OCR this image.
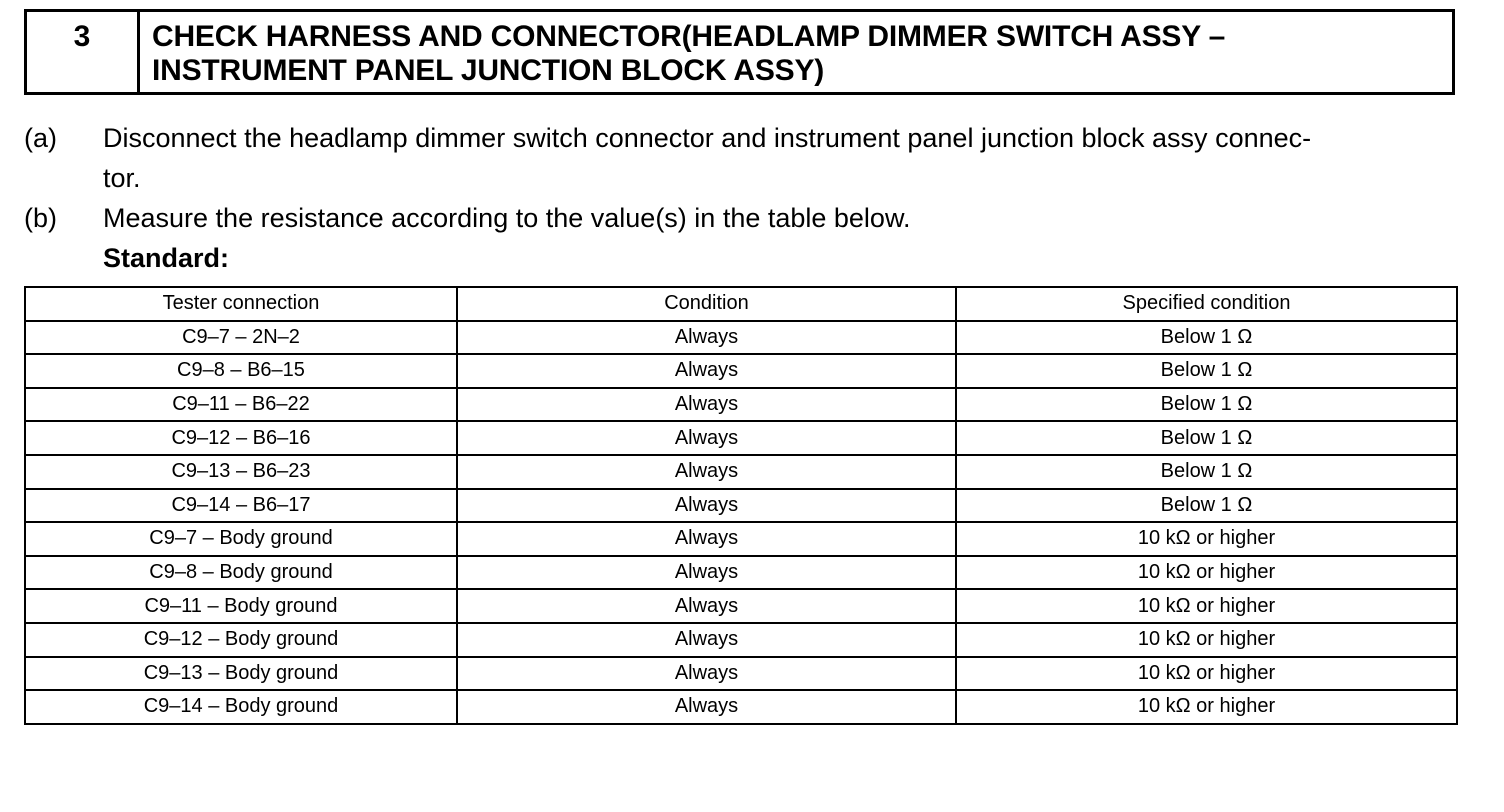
3	CHECK HARNESS AND CONNECTOR(HEADLAMP DIMMER SWITCH ASSY –
INSTRUMENT PANEL JUNCTION BLOCK ASSY)
(a)	Disconnect the headlamp dimmer switch connector and instrument panel junction block assy connec-
tor.
(b)	Measure the resistance according to the value(s) in the table below.
Standard:
Tester connection	Condition	Specified condition
C9–7 – 2N–2	Always	Below 1 Ω
C9–8 – B6–15	Always	Below 1 Ω
C9–11 – B6–22	Always	Below 1 Ω
C9–12 – B6–16	Always	Below 1 Ω
C9–13 – B6–23	Always	Below 1 Ω
C9–14 – B6–17	Always	Below 1 Ω
C9–7 – Body ground	Always	10 kΩ or higher
C9–8 – Body ground	Always	10 kΩ or higher
C9–11 – Body ground	Always	10 kΩ or higher
C9–12 – Body ground	Always	10 kΩ or higher
C9–13 – Body ground	Always	10 kΩ or higher
C9–14 – Body ground	Always	10 kΩ or higher
